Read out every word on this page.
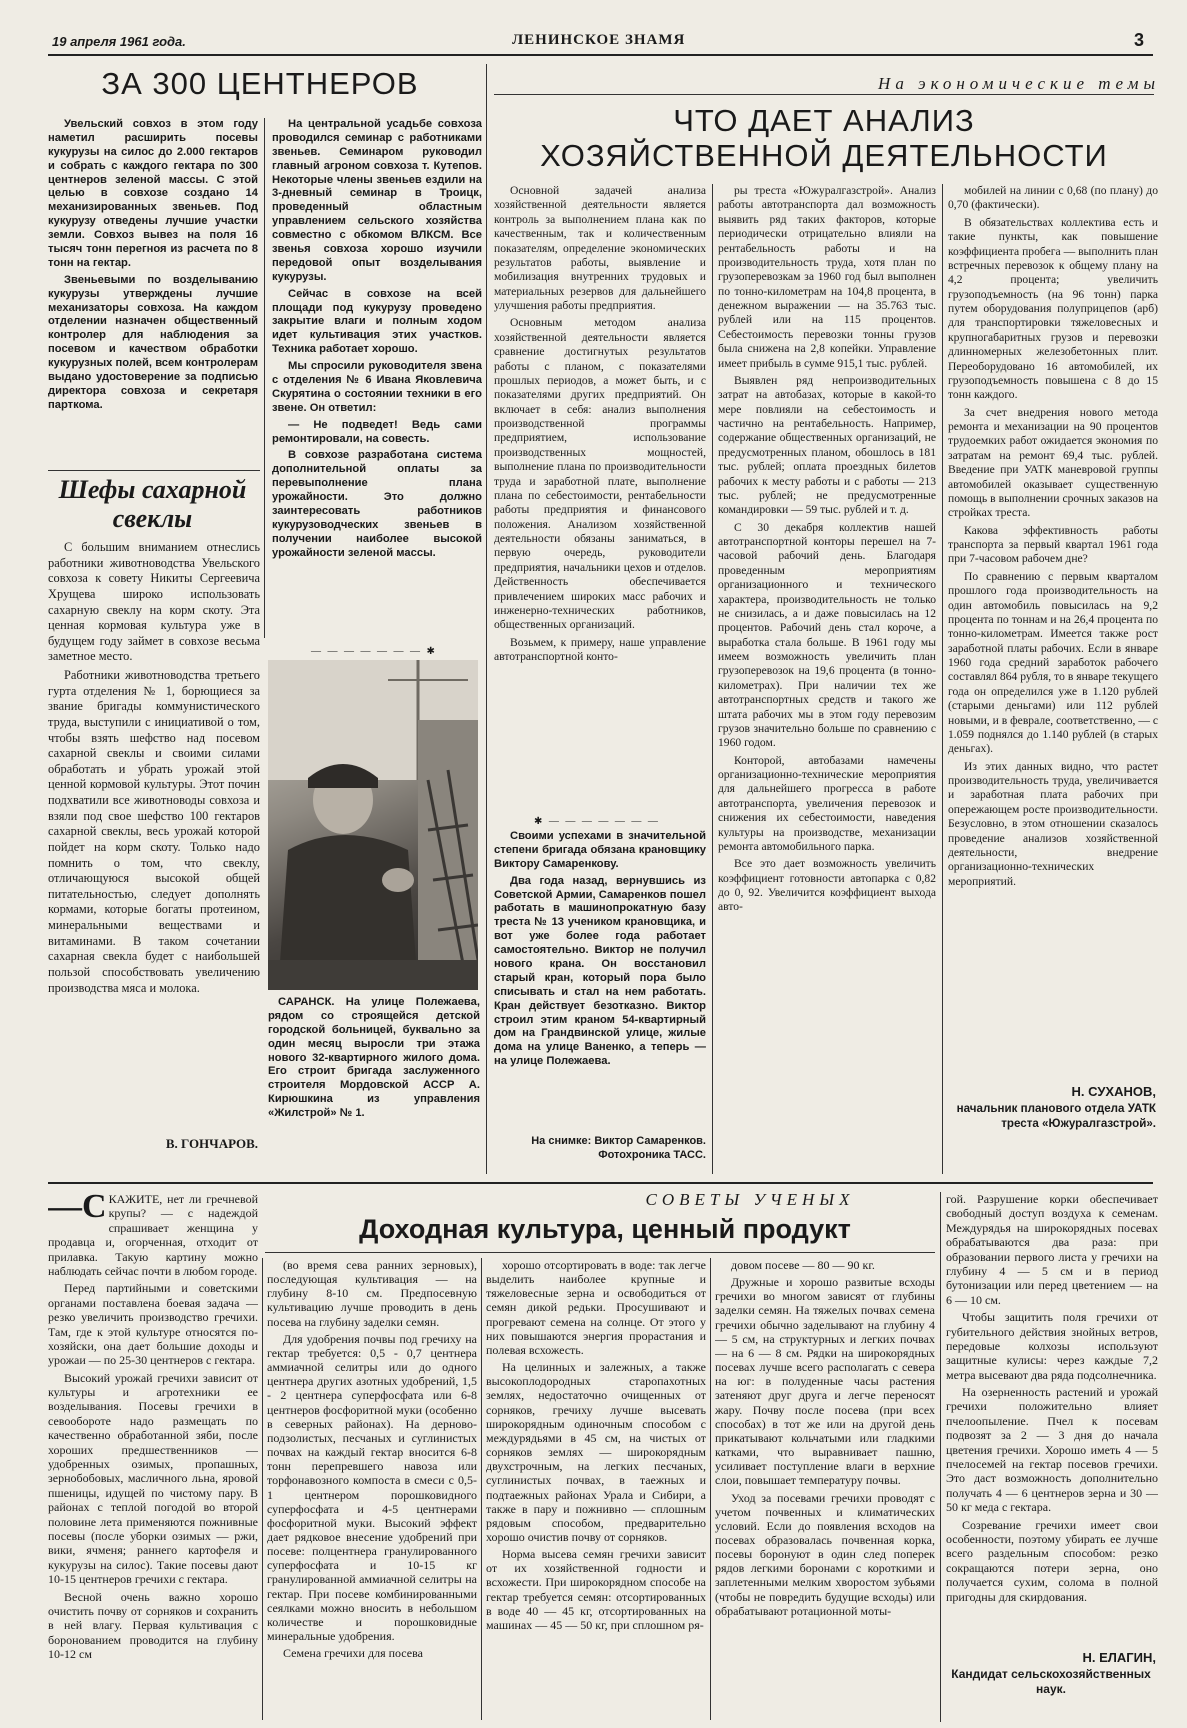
19 апреля 1961 года.	ЛЕНИНСКОЕ ЗНАМЯ	3
ЗА 300 ЦЕНТНЕРОВ

Увельский совхоз в этом году наметил расширить посевы кукурузы на силос до 2.000 гектаров и собрать с каждого гектара по 300 центнеров зеленой массы. С этой целью в совхозе создано 14 механизированных звеньев. Под кукурузу отведены лучшие участки земли. Совхоз вывез на поля 16 тысяч тонн перегноя из расчета по 8 тонн на гектар.

Звеньевыми по возделыванию кукурузы утверждены лучшие механизаторы совхоза. На каждом отделении назначен общественный контролер для наблюдения за посевом и качеством обработки кукурузных полей, всем контролерам выдано удостоверение за подписью директора совхоза и секретаря парткома.

На центральной усадьбе совхоза проводился семинар с работниками звеньев. Семинаром руководил главный агроном совхоза т. Кутепов. Некоторые члены звеньев ездили на 3-дневный семинар в Троицк, проведенный областным управлением сельского хозяйства совместно с обкомом ВЛКСМ. Все звенья совхоза хорошо изучили передовой опыт возделывания кукурузы.

Сейчас в совхозе на всей площади под кукурузу проведено закрытие влаги и полным ходом идет культивация этих участков. Техника работает хорошо.

Мы спросили руководителя звена с отделения № 6 Ивана Яковлевича Скурятина о состоянии техники в его звене. Он ответил:

— Не подведет! Ведь сами ремонтировали, на совесть.

В совхозе разработана система дополнительной оплаты за перевыполнение плана урожайности. Это должно заинтересовать работников кукурузоводческих звеньев в получении наиболее высокой урожайности зеленой массы.

Шефы сахарной
свеклы

С большим вниманием отнеслись работники животноводства Увельского совхоза к совету Никиты Сергеевича Хрущева широко использовать сахарную свеклу на корм скоту. Эта ценная кормовая культура уже в будущем году займет в совхозе весьма заметное место.

Работники животноводства третьего гурта отделения № 1, борющиеся за звание бригады коммунистического труда, выступили с инициативой о том, чтобы взять шефство над посевом сахарной свеклы и своими силами обработать и убрать урожай этой ценной кормовой культуры. Этот почин подхватили все животноводы совхоза и взяли под свое шефство 100 гектаров сахарной свеклы, весь урожай которой пойдет на корм скоту. Только надо помнить о том, что свеклу, отличающуюся высокой общей питательностью, следует дополнять кормами, которые богаты протеином, минеральными веществами и витаминами. В таком сочетании сахарная свекла будет с наибольшей пользой способствовать увеличению производства мяса и молока.

В. ГОНЧАРОВ.
— — — — — — — ✱
САРАНСК. На улице Полежаева, рядом со строящейся детской городской больницей, буквально за один месяц выросли три этажа нового 32-квартирного жилого дома. Его строит бригада заслуженного строителя Мордовской АССР А. Кирюшкина из управления «Жилстрой» № 1.
✱ — — — — — — —

Своими успехами в значительной степени бригада обязана крановщику Виктору Самаренкову.

Два года назад, вернувшись из Советской Армии, Самаренков пошел работать в машинопрокатную базу треста № 13 учеником крановщика, и вот уже более года работает самостоятельно. Виктор не получил нового крана. Он восстановил старый кран, который пора было списывать и стал на нем работать. Кран действует безотказно. Виктор строил этим краном 54-квартирный дом на Грандвинской улице, жилые дома на улице Ваненко, а теперь — на улице Полежаева.

На снимке: Виктор Самаренков. Фотохроника ТАСС.
На экономические темы
ЧТО ДАЕТ АНАЛИЗ
ХОЗЯЙСТВЕННОЙ ДЕЯТЕЛЬНОСТИ

Основной задачей анализа хозяйственной деятельности является контроль за выполнением плана как по качественным, так и количественным показателям, определение экономических результатов работы, выявление и мобилизация внутренних трудовых и материальных резервов для дальнейшего улучшения работы предприятия.

Основным методом анализа хозяйственной деятельности является сравнение достигнутых результатов работы с планом, с показателями прошлых периодов, а может быть, и с показателями других предприятий. Он включает в себя: анализ выполнения производственной программы предприятием, использование производственных мощностей, выполнение плана по производительности труда и заработной плате, выполнение плана по себестоимости, рентабельности работы предприятия и финансового положения. Анализом хозяйственной деятельности обязаны заниматься, в первую очередь, руководители предприятия, начальники цехов и отделов. Действенность обеспечивается привлечением широких масс рабочих и инженерно-технических работников, общественных организаций.

Возьмем, к примеру, наше управление автотранспортной конто-

ры треста «Южуралгазстрой». Анализ работы автотранспорта дал возможность выявить ряд таких факторов, которые периодически отрицательно влияли на рентабельность работы и на производительность труда, хотя план по грузоперевозкам за 1960 год был выполнен по тонно-километрам на 104,8 процента, в денежном выражении — на 35.763 тыс. рублей или на 115 процентов. Себестоимость перевозки тонны грузов была снижена на 2,8 копейки. Управление имеет прибыль в сумме 915,1 тыс. рублей.

Выявлен ряд непроизводительных затрат на автобазах, которые в какой-то мере повлияли на себестоимость и частично на рентабельность. Например, содержание общественных организаций, не предусмотренных планом, обошлось в 181 тыс. рублей; оплата проездных билетов рабочих к месту работы и с работы — 213 тыс. рублей; не предусмотренные командировки — 59 тыс. рублей и т. д.

С 30 декабря коллектив нашей автотранспортной конторы перешел на 7-часовой рабочий день. Благодаря проведенным мероприятиям организационного и технического характера, производительность не только не снизилась, а и даже повысилась на 12 процентов. Рабочий день стал короче, а выработка стала больше. В 1961 году мы имеем возможность увеличить план грузоперевозок на 19,6 процента (в тонно-километрах). При наличии тех же автотранспортных средств и такого же штата рабочих мы в этом году перевозим грузов значительно больше по сравнению с 1960 годом.

Конторой, автобазами намечены организационно-технические мероприятия для дальнейшего прогресса в работе автотранспорта, увеличения перевозок и снижения их себестоимости, наведения культуры на производстве, механизации ремонта автомобильного парка.

Все это дает возможность увеличить коэффициент готовности автопарка с 0,82 до 0, 92. Увеличится коэффициент выхода авто-

мобилей на линии с 0,68 (по плану) до 0,70 (фактически).

В обязательствах коллектива есть и такие пункты, как повышение коэффициента пробега — выполнить план встречных перевозок к общему плану на 4,2 процента; увеличить грузоподъемность (на 96 тонн) парка путем оборудования полуприцепов (арб) для транспортировки тяжеловесных и крупногабаритных грузов и перевозки длинномерных железобетонных плит. Переоборудовано 16 автомобилей, их грузоподъемность повышена с 8 до 15 тонн каждого.

За счет внедрения нового метода ремонта и механизации на 90 процентов трудоемких работ ожидается экономия по затратам на ремонт 69,4 тыс. рублей. Введение при УАТК маневровой группы автомобилей оказывает существенную помощь в выполнении срочных заказов на стройках треста.

Какова эффективность работы транспорта за первый квартал 1961 года при 7-часовом рабочем дне?

По сравнению с первым кварталом прошлого года производительность на один автомобиль повысилась на 9,2 процента по тоннам и на 26,4 процента по тонно-километрам. Имеется также рост заработной платы рабочих. Если в январе 1960 года средний заработок рабочего составлял 864 рубля, то в январе текущего года он определился уже в 1.120 рублей (старыми деньгами) или 112 рублей новыми, и в феврале, соответственно, — с 1.059 поднялся до 1.140 рублей (в старых деньгах).

Из этих данных видно, что растет производительность труда, увеличивается и заработная плата рабочих при опережающем росте производительности. Безусловно, в этом отношении сказалось проведение анализов хозяйственной деятельности, внедрение организационно-технических мероприятий.

Н. СУХАНОВ,
начальник планового отдела УАТК треста «Южуралгазстрой».
СОВЕТЫ УЧЕНЫХ
Доходная культура, ценный продукт

—С КАЖИТЕ, нет ли гречневой крупы? — с надеждой спрашивает женщина у продавца и, огорченная, отходит от прилавка. Такую картину можно наблюдать сейчас почти в любом городе.

Перед партийными и советскими органами поставлена боевая задача — резко увеличить производство гречихи. Там, где к этой культуре относятся по-хозяйски, она дает большие доходы и урожаи — по 25-30 центнеров с гектара.

Высокий урожай гречихи зависит от культуры и агротехники ее возделывания. Посевы гречихи в севообороте надо размещать по качественно обработанной зяби, после хороших предшественников — удобренных озимых, пропашных, зернобобовых, масличного льна, яровой пшеницы, идущей по чистому пару. В районах с теплой погодой во второй половине лета применяются пожнивные посевы (после уборки озимых — ржи, вики, ячменя; раннего картофеля и кукурузы на силос). Такие посевы дают 10-15 центнеров гречихи с гектара.

Весной очень важно хорошо очистить почву от сорняков и сохранить в ней влагу. Первая культивация с боронованием проводится на глубину 10-12 см

(во время сева ранних зерновых), последующая культивация — на глубину 8-10 см. Предпосевную культивацию лучше проводить в день посева на глубину заделки семян.

Для удобрения почвы под гречиху на гектар требуется: 0,5 - 0,7 центнера аммиачной селитры или до одного центнера других азотных удобрений, 1,5 - 2 центнера суперфосфата или 6-8 центнеров фосфоритной муки (особенно в северных районах). На дерново-подзолистых, песчаных и суглинистых почвах на каждый гектар вносится 6-8 тонн перепревшего навоза или торфонавозного компоста в смеси с 0,5-1 центнером порошковидного суперфосфата и 4-5 центнерами фосфоритной муки. Высокий эффект дает рядковое внесение удобрений при посеве: полцентнера гранулированного суперфосфата и 10-15 кг гранулированной аммиачной селитры на гектар. При посеве комбинированными сеялками можно вносить в небольшом количестве и порошковидные минеральные удобрения.

Семена гречихи для посева

хорошо отсортировать в воде: так легче выделить наиболее крупные и тяжеловесные зерна и освободиться от семян дикой редьки. Просушивают и прогревают семена на солнце. От этого у них повышаются энергия прорастания и полевая всхожесть.

На целинных и залежных, а также высокоплодородных старопахотных землях, недостаточно очищенных от сорняков, гречиху лучше высевать широкорядным одиночным способом с междурядьями в 45 см, на чистых от сорняков землях — широкорядным двухстрочным, на легких песчаных, суглинистых почвах, в таежных и подтаежных районах Урала и Сибири, а также в пару и пожнивно — сплошным рядовым способом, предварительно хорошо очистив почву от сорняков.

Норма высева семян гречихи зависит от их хозяйственной годности и всхожести. При широкорядном способе на гектар требуется семян: отсортированных в воде 40 — 45 кг, отсортированных на машинах — 45 — 50 кг, при сплошном ря-

довом посеве — 80 — 90 кг.

Дружные и хорошо развитые всходы гречихи во многом зависят от глубины заделки семян. На тяжелых почвах семена гречихи обычно заделывают на глубину 4 — 5 см, на структурных и легких почвах — на 6 — 8 см. Рядки на широкорядных посевах лучше всего располагать с севера на юг: в полуденные часы растения затеняют друг друга и легче переносят жару. Почву после посева (при всех способах) в тот же или на другой день прикатывают кольчатыми или гладкими катками, что выравнивает пашню, усиливает поступление влаги в верхние слои, повышает температуру почвы.

Уход за посевами гречихи проводят с учетом почвенных и климатических условий. Если до появления всходов на посевах образовалась почвенная корка, посевы боронуют в один след поперек рядов легкими боронами с короткими и заплетенными мелким хворостом зубьями (чтобы не повредить будущие всходы) или обрабатывают ротационной моты-

гой. Разрушение корки обеспечивает свободный доступ воздуха к семенам. Междурядья на широкорядных посевах обрабатываются два раза: при образовании первого листа у гречихи на глубину 4 — 5 см и в период бутонизации или перед цветением — на 6 — 10 см.

Чтобы защитить поля гречихи от губительного действия знойных ветров, передовые колхозы используют защитные кулисы: через каждые 7,2 метра высевают два ряда подсолнечника.

На озерненность растений и урожай гречихи положительно влияет пчелоопыление. Пчел к посевам подвозят за 2 — 3 дня до начала цветения гречихи. Хорошо иметь 4 — 5 пчелосемей на гектар посевов гречихи. Это даст возможность дополнительно получать 4 — 6 центнеров зерна и 30 — 50 кг меда с гектара.

Созревание гречихи имеет свои особенности, поэтому убирать ее лучше всего раздельным способом: резко сокращаются потери зерна, оно получается сухим, солома в полной пригодны для скирдования.

Н. ЕЛАГИН,
Кандидат сельскохозяйственных наук.
